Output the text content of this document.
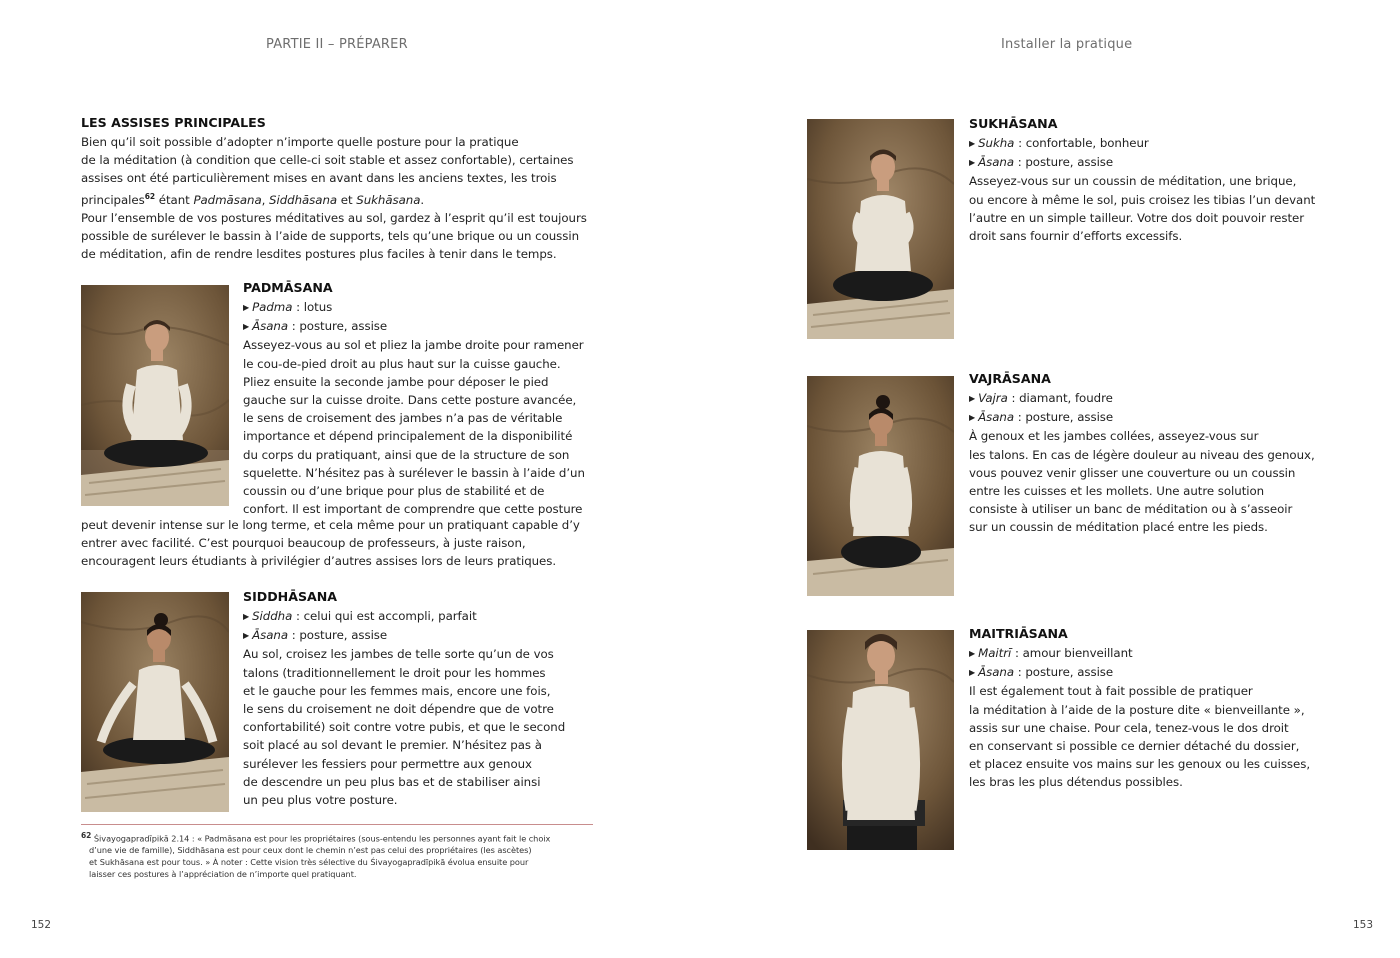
PARTIE II – PRÉPARER
LES ASSISES PRINCIPALES
Bien qu’il soit possible d’adopter n’importe quelle posture pour la pratique
de la méditation (à condition que celle-ci soit stable et assez confortable), certaines
assises ont été particulièrement mises en avant dans les anciens textes, les trois
principales$^{62}$ étant Padmāsana, Siddhāsana et Sukhāsana.
Pour l’ensemble de vos postures méditatives au sol, gardez à l’esprit qu’il est toujours
possible de surélever le bassin à l’aide de supports, tels qu’une brique ou un coussin
de méditation, afin de rendre lesdites postures plus faciles à tenir dans le temps.
PADMĀSANA
▶ Padma : lotus
▶ Āsana : posture, assise
Asseyez-vous au sol et pliez la jambe droite pour ramener
le cou-de-pied droit au plus haut sur la cuisse gauche.
Pliez ensuite la seconde jambe pour déposer le pied
gauche sur la cuisse droite. Dans cette posture avancée,
le sens de croisement des jambes n’a pas de véritable
importance et dépend principalement de la disponibilité
du corps du pratiquant, ainsi que de la structure de son
squelette. N’hésitez pas à surélever le bassin à l’aide d’un
coussin ou d’une brique pour plus de stabilité et de
confort. Il est important de comprendre que cette posture
peut devenir intense sur le long terme, et cela même pour un pratiquant capable d’y
entrer avec facilité. C’est pourquoi beaucoup de professeurs, à juste raison,
encouragent leurs étudiants à privilégier d’autres assises lors de leurs pratiques.
SIDDHĀSANA
▶ Siddha : celui qui est accompli, parfait
▶ Āsana : posture, assise
Au sol, croisez les jambes de telle sorte qu’un de vos
talons (traditionnellement le droit pour les hommes
et le gauche pour les femmes mais, encore une fois,
le sens du croisement ne doit dépendre que de votre
confortabilité) soit contre votre pubis, et que le second
soit placé au sol devant le premier. N’hésitez pas à
surélever les fessiers pour permettre aux genoux
de descendre un peu plus bas et de stabiliser ainsi
un peu plus votre posture.
$^{62}$ Śivayogapradīpikā 2.14 : « Padmāsana est pour les propriétaires (sous-entendu les personnes ayant fait le choix
d’une vie de famille), Siddhāsana est pour ceux dont le chemin n’est pas celui des propriétaires (les ascètes)
et Sukhāsana est pour tous. » À noter : Cette vision très sélective du Śivayogapradīpikā évolua ensuite pour
laisser ces postures à l’appréciation de n’importe quel pratiquant.
152
Installer la pratique
SUKHĀSANA
▶ Sukha : confortable, bonheur
▶ Āsana : posture, assise
Asseyez-vous sur un coussin de méditation, une brique,
ou encore à même le sol, puis croisez les tibias l’un devant
l’autre en un simple tailleur. Votre dos doit pouvoir rester
droit sans fournir d’efforts excessifs.
VAJRĀSANA
▶ Vajra : diamant, foudre
▶ Āsana : posture, assise
À genoux et les jambes collées, asseyez-vous sur
les talons. En cas de légère douleur au niveau des genoux,
vous pouvez venir glisser une couverture ou un coussin
entre les cuisses et les mollets. Une autre solution
consiste à utiliser un banc de méditation ou à s’asseoir
sur un coussin de méditation placé entre les pieds.
MAITRIĀSANA
▶ Maitrī : amour bienveillant
▶ Āsana : posture, assise
Il est également tout à fait possible de pratiquer
la méditation à l’aide de la posture dite « bienveillante »,
assis sur une chaise. Pour cela, tenez-vous le dos droit
en conservant si possible ce dernier détaché du dossier,
et placez ensuite vos mains sur les genoux ou les cuisses,
les bras les plus détendus possibles.
153
